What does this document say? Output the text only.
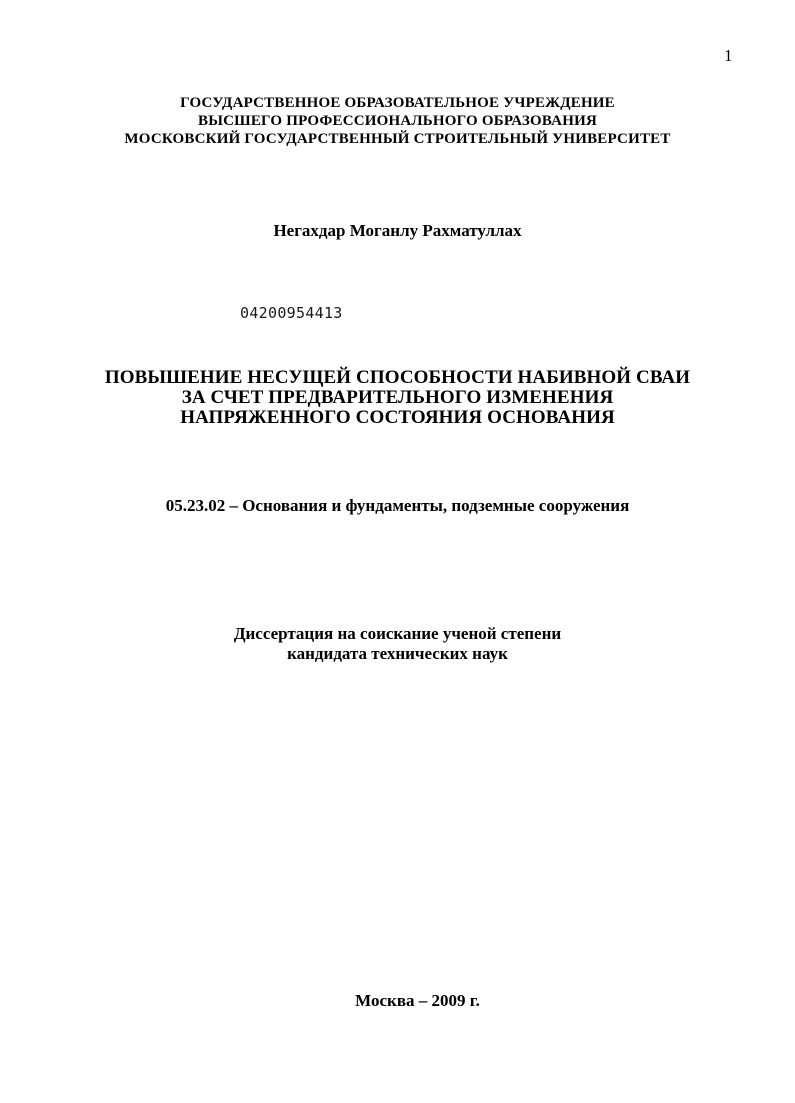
1
ГОСУДАРСТВЕННОЕ ОБРАЗОВАТЕЛЬНОЕ УЧРЕЖДЕНИЕ
ВЫСШЕГО ПРОФЕССИОНАЛЬНОГО ОБРАЗОВАНИЯ
МОСКОВСКИЙ ГОСУДАРСТВЕННЫЙ СТРОИТЕЛЬНЫЙ УНИВЕРСИТЕТ
Негахдар Моганлу Рахматуллах
04200954413
ПОВЫШЕНИЕ НЕСУЩЕЙ СПОСОБНОСТИ НАБИВНОЙ СВАИ
ЗА СЧЕТ ПРЕДВАРИТЕЛЬНОГО ИЗМЕНЕНИЯ
НАПРЯЖЕННОГО СОСТОЯНИЯ ОСНОВАНИЯ
05.23.02 – Основания и фундаменты, подземные сооружения
Диссертация на соискание ученой степени
кандидата технических наук
Москва – 2009 г.
